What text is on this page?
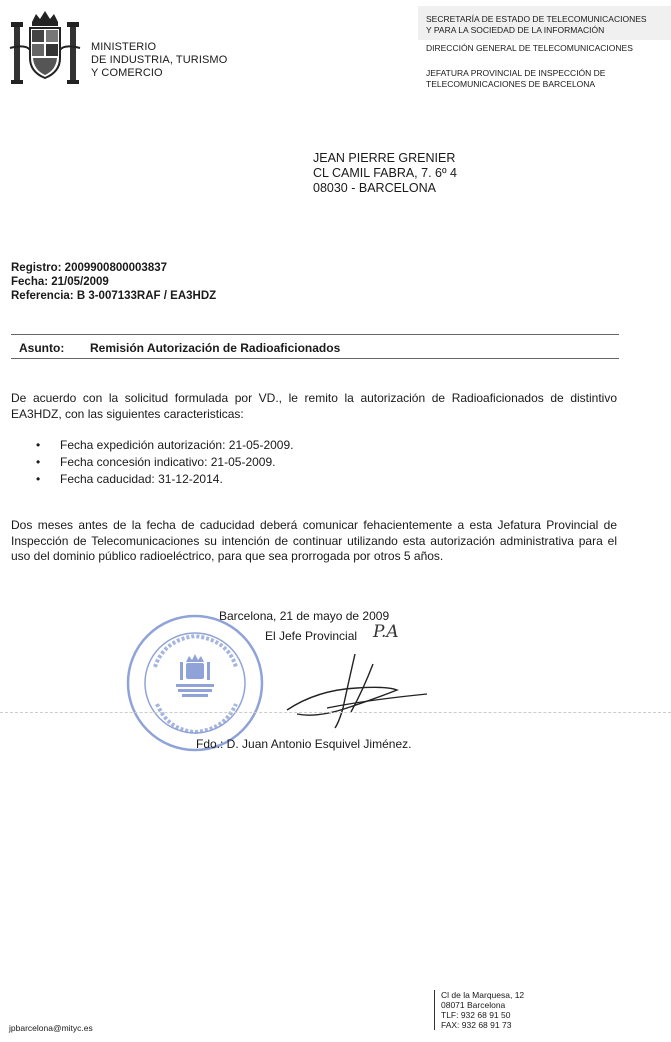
MINISTERIO
DE INDUSTRIA, TURISMO
Y COMERCIO
SECRETARÍA DE ESTADO DE TELECOMUNICACIONES
Y PARA LA SOCIEDAD DE LA INFORMACIÓN
DIRECCIÓN GENERAL DE TELECOMUNICACIONES
JEFATURA PROVINCIAL DE INSPECCIÓN DE
TELECOMUNICACIONES DE BARCELONA
JEAN PIERRE GRENIER
CL CAMIL FABRA, 7. 6º 4
08030 - BARCELONA
Registro: 2009900800003837
Fecha: 21/05/2009
Referencia: B 3-007133RAF / EA3HDZ
Asunto: Remisión Autorización de Radioaficionados
De acuerdo con la solicitud formulada por VD., le remito la autorización de Radioaficionados de distintivo EA3HDZ, con las siguientes caracteristicas:
• Fecha expedición autorización: 21-05-2009.
• Fecha concesión indicativo: 21-05-2009.
• Fecha caducidad: 31-12-2014.
Dos meses antes de la fecha de caducidad deberá comunicar fehacientemente a esta Jefatura Provincial de Inspección de Telecomunicaciones su intención de continuar utilizando esta autorización administrativa para el uso del dominio público radioeléctrico, para que sea prorrogada por otros 5 años.
Barcelona, 21 de mayo de 2009
El Jefe Provincial P.A
Fdo.: D. Juan Antonio Esquivel Jiménez.
jpbarcelona@mityc.es
Cl de la Marquesa, 12
08071 Barcelona
TLF: 932 68 91 50
FAX: 932 68 91 73
